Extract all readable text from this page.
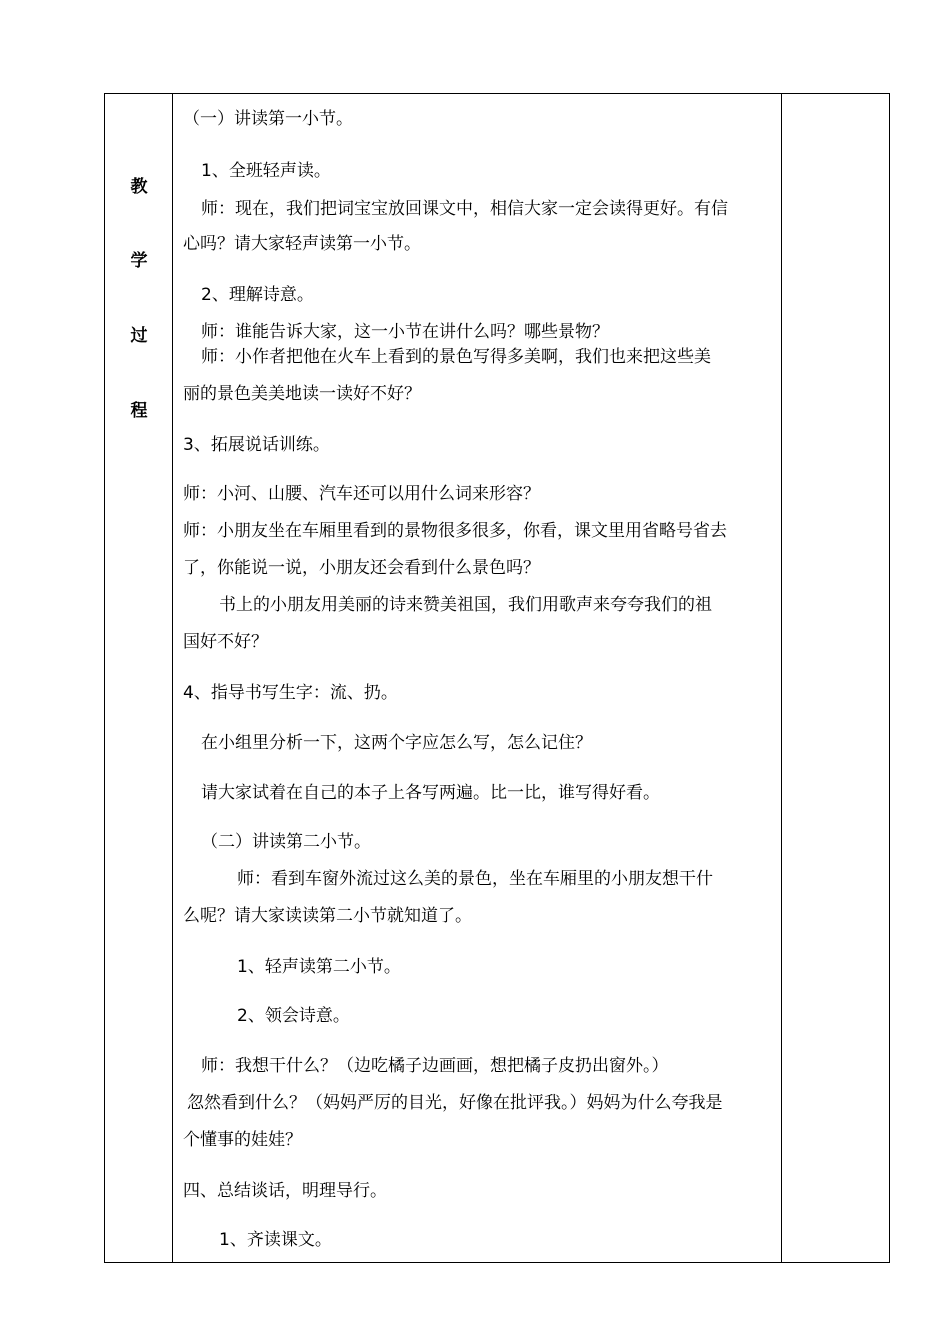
教
学
过
程
（一）讲读第一小节。
1、全班轻声读。
师：现在，我们把词宝宝放回课文中，相信大家一定会读得更好。有信
心吗？请大家轻声读第一小节。
2、理解诗意。
师：谁能告诉大家，这一小节在讲什么吗？哪些景物？
师：小作者把他在火车上看到的景色写得多美啊，我们也来把这些美
丽的景色美美地读一读好不好？
3、拓展说话训练。
师：小河、山腰、汽车还可以用什么词来形容？
师：小朋友坐在车厢里看到的景物很多很多，你看，课文里用省略号省去
了，你能说一说，小朋友还会看到什么景色吗？
书上的小朋友用美丽的诗来赞美祖国，我们用歌声来夸夸我们的祖
国好不好？
4、指导书写生字：流、扔。
在小组里分析一下，这两个字应怎么写，怎么记住？
请大家试着在自己的本子上各写两遍。比一比，谁写得好看。
（二）讲读第二小节。
师：看到车窗外流过这么美的景色，坐在车厢里的小朋友想干什
么呢？请大家读读第二小节就知道了。
1、轻声读第二小节。
2、领会诗意。
师：我想干什么？（边吃橘子边画画，想把橘子皮扔出窗外。）
忽然看到什么？（妈妈严厉的目光，好像在批评我。）妈妈为什么夸我是
个懂事的娃娃？
四、总结谈话，明理导行。
1、齐读课文。
